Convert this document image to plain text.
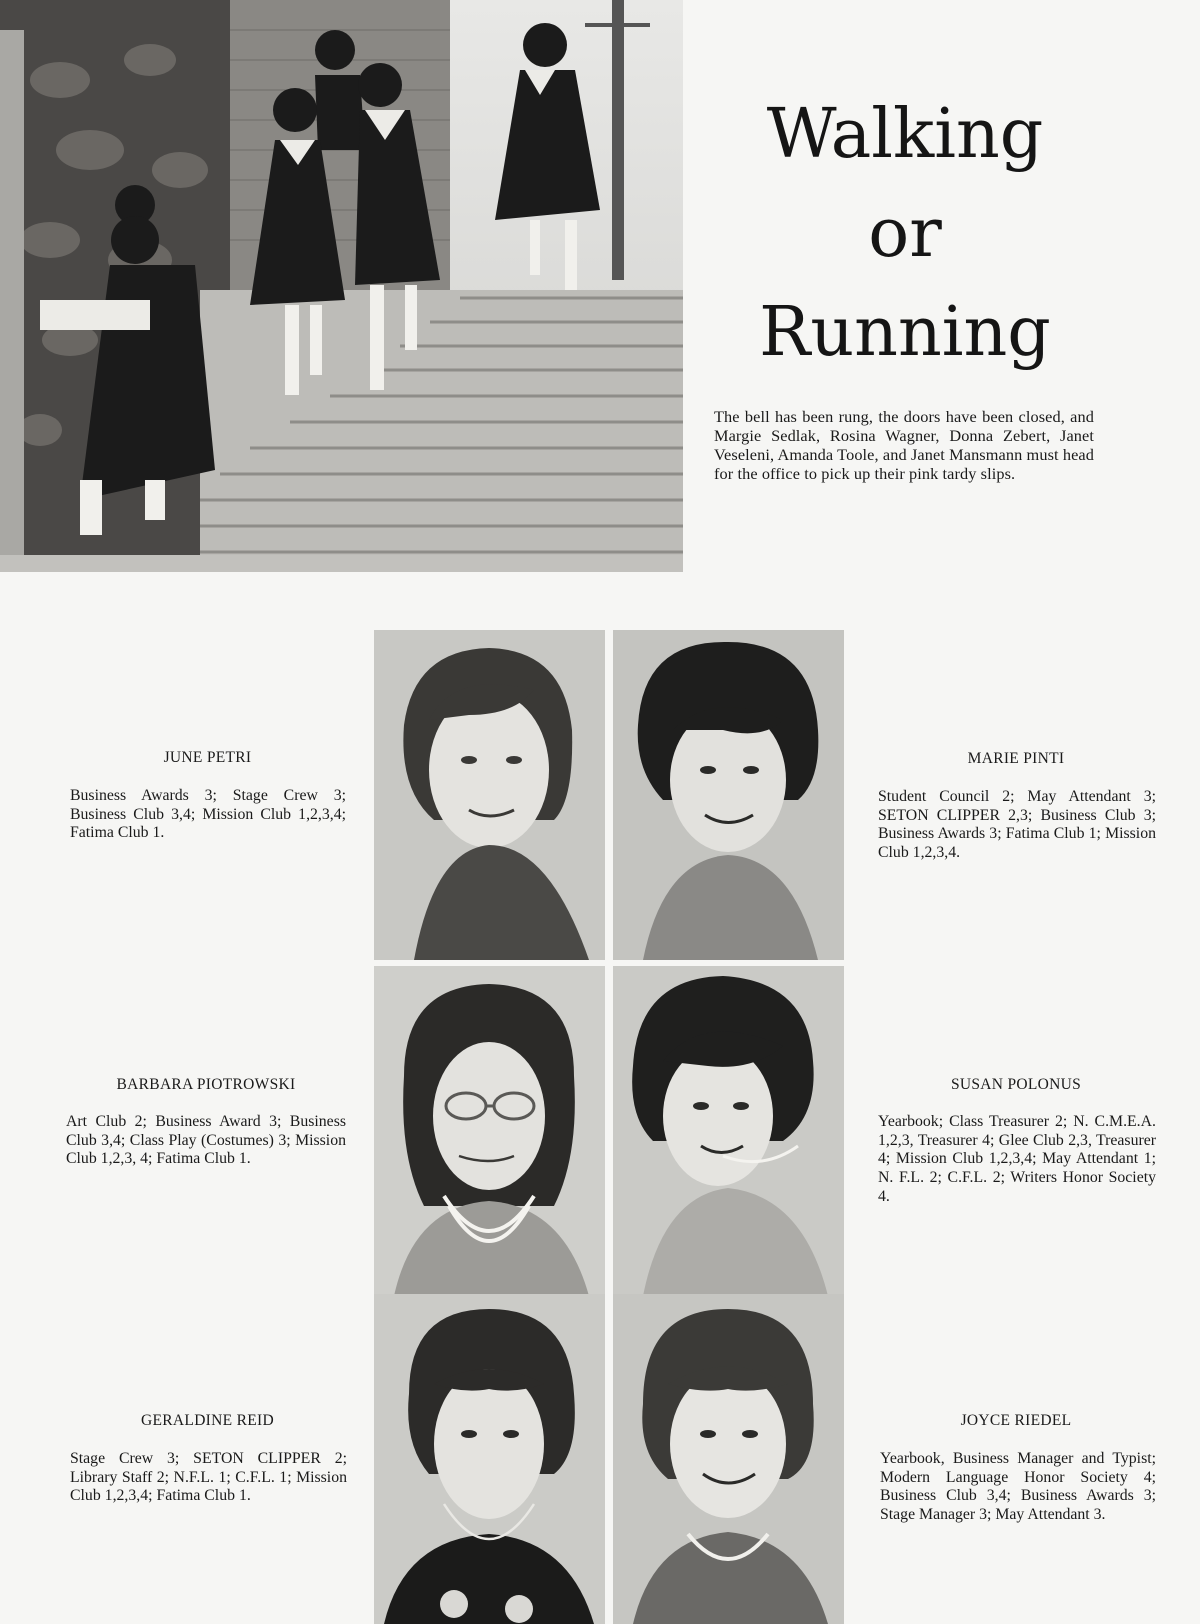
Walking
or
Running
The bell has been rung, the doors have been closed, and Margie Sedlak, Rosina Wagner, Donna Zebert, Janet Veseleni, Amanda Toole, and Janet Mansmann must head for the office to pick up their pink tardy slips.
JUNE PETRI
Business Awards 3; Stage Crew 3; Business Club 3,4; Mission Club 1,2,3,4; Fatima Club 1.
MARIE PINTI
Student Council 2; May Attendant 3; SETON CLIPPER 2,3; Business Club 3; Business Awards 3; Fatima Club 1; Mission Club 1,2,3,4.
BARBARA PIOTROWSKI
Art Club 2; Business Award 3; Business Club 3,4; Class Play (Costumes) 3; Mission Club 1,2,3, 4; Fatima Club 1.
SUSAN POLONUS
Yearbook; Class Treasurer 2; N. C.M.E.A. 1,2,3, Treasurer 4; Glee Club 2,3, Treasurer 4; Mission Club 1,2,3,4; May Attendant 1; N. F.L. 2; C.F.L. 2; Writers Honor Society 4.
GERALDINE REID
Stage Crew 3; SETON CLIPPER 2; Library Staff 2; N.F.L. 1; C.F.L. 1; Mission Club 1,2,3,4; Fatima Club 1.
JOYCE RIEDEL
Yearbook, Business Manager and Typist; Modern Language Honor Society 4; Business Club 3,4; Business Awards 3; Stage Manager 3; May Attendant 3.
